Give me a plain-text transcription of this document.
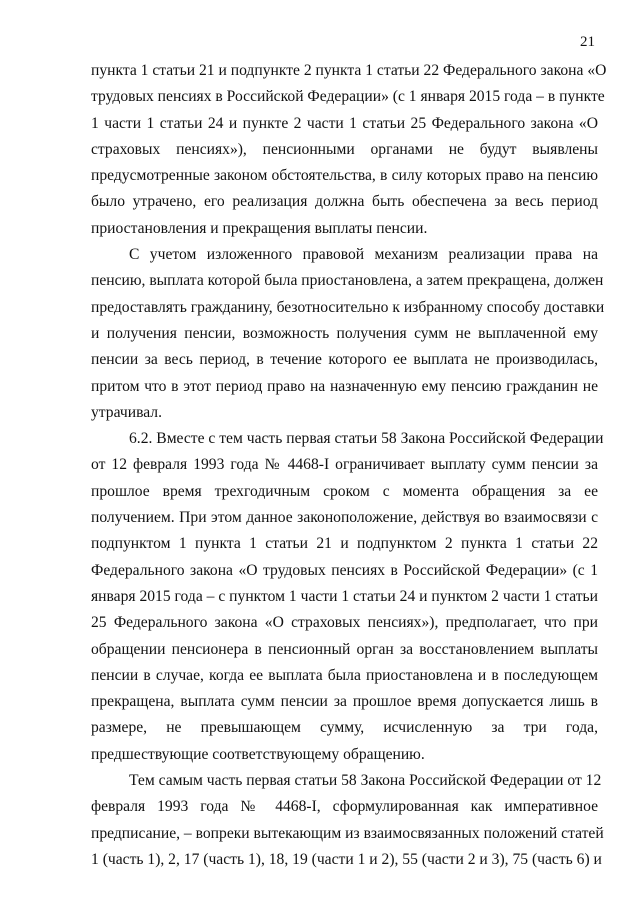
21
пункта 1 статьи 21 и подпункте 2 пункта 1 статьи 22 Федерального закона «О
трудовых пенсиях в Российской Федерации» (с 1 января 2015 года – в пункте
1 части 1 статьи 24 и пункте 2 части 1 статьи 25 Федерального закона «О
страховых пенсиях»), пенсионными органами не будут выявлены
предусмотренные законом обстоятельства, в силу которых право на пенсию
было утрачено, его реализация должна быть обеспечена за весь период
приостановления и прекращения выплаты пенсии.
С учетом изложенного правовой механизм реализации права на
пенсию, выплата которой была приостановлена, а затем прекращена, должен
предоставлять гражданину, безотносительно к избранному способу доставки
и получения пенсии, возможность получения сумм не выплаченной ему
пенсии за весь период, в течение которого ее выплата не производилась,
притом что в этот период право на назначенную ему пенсию гражданин не
утрачивал.
6.2. Вместе с тем часть первая статьи 58 Закона Российской Федерации
от 12 февраля 1993 года № 4468-I ограничивает выплату сумм пенсии за
прошлое время трехгодичным сроком с момента обращения за ее
получением. При этом данное законоположение, действуя во взаимосвязи с
подпунктом 1 пункта 1 статьи 21 и подпунктом 2 пункта 1 статьи 22
Федерального закона «О трудовых пенсиях в Российской Федерации» (с 1
января 2015 года – с пунктом 1 части 1 статьи 24 и пунктом 2 части 1 статьи
25 Федерального закона «О страховых пенсиях»), предполагает, что при
обращении пенсионера в пенсионный орган за восстановлением выплаты
пенсии в случае, когда ее выплата была приостановлена и в последующем
прекращена, выплата сумм пенсии за прошлое время допускается лишь в
размере, не превышающем сумму, исчисленную за три года,
предшествующие соответствующему обращению.
Тем самым часть первая статьи 58 Закона Российской Федерации от 12
февраля 1993 года № 4468-I, сформулированная как императивное
предписание, – вопреки вытекающим из взаимосвязанных положений статей
1 (часть 1), 2, 17 (часть 1), 18, 19 (части 1 и 2), 55 (части 2 и 3), 75 (часть 6) и
